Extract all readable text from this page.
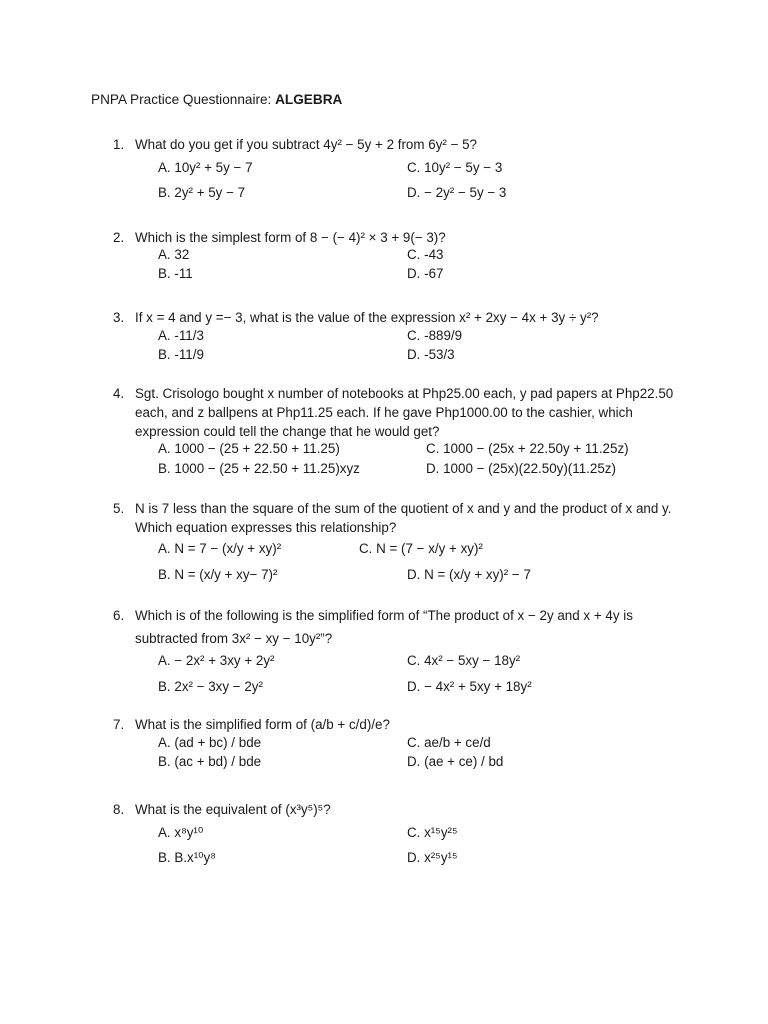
PNPA Practice Questionnaire: ALGEBRA
1. What do you get if you subtract 4y² − 5y + 2 from 6y² − 5?
A. 10y² + 5y − 7	C. 10y² − 5y − 3
B. 2y² + 5y − 7	D. − 2y² − 5y − 3
2. Which is the simplest form of 8 − (− 4)² × 3 + 9(− 3)?
A. 32	C. -43
B. -11	D. -67
3. If x = 4 and y =− 3, what is the value of the expression x² + 2xy − 4x + 3y ÷ y²?
A. -11/3	C. -889/9
B. -11/9	D. -53/3
4. Sgt. Crisologo bought x number of notebooks at Php25.00 each, y pad papers at Php22.50 each, and z ballpens at Php11.25 each. If he gave Php1000.00 to the cashier, which expression could tell the change that he would get?
A. 1000 − (25 + 22.50 + 11.25)	C. 1000 − (25x + 22.50y + 11.25z)
B. 1000 − (25 + 22.50 + 11.25)xyz	D. 1000 − (25x)(22.50y)(11.25z)
5. N is 7 less than the square of the sum of the quotient of x and y and the product of x and y. Which equation expresses this relationship?
A. N = 7 − (x/y + xy)²	C. N = (7 − x/y + xy)²
B. N = (x/y + xy− 7)²	D. N = (x/y + xy)² − 7
6. Which is of the following is the simplified form of “The product of x − 2y and x + 4y is subtracted from 3x² − xy − 10y²”?
A. − 2x² + 3xy + 2y²	C. 4x² − 5xy − 18y²
B. 2x² − 3xy − 2y²	D. − 4x² + 5xy + 18y²
7. What is the simplified form of (a/b + c/d)/e?
A. (ad + bc) / bde	C. ae/b + ce/d
B. (ac + bd) / bde	D. (ae + ce) / bd
8. What is the equivalent of (x³y⁵)⁵?
A. x⁸y¹⁰	C. x¹⁵y²⁵
B. B.x¹⁰y⁸	D. x²⁵y¹⁵
